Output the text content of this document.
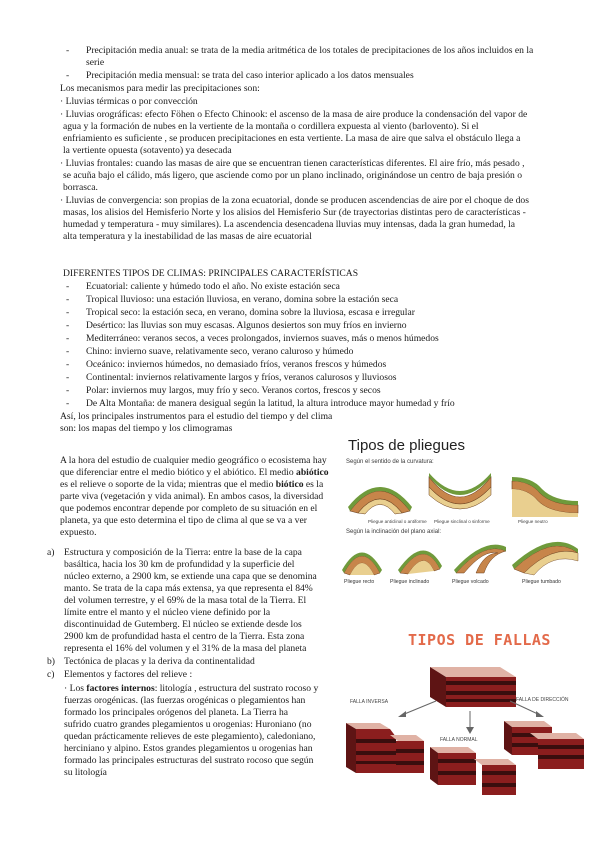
- Precipitación media anual: se trata de la media aritmética de los totales de precipitaciones de los años incluidos en la
serie
- Precipitación media mensual: se trata del caso interior aplicado a los datos mensuales
Los mecanismos para medir las precipitaciones son:
· Lluvias térmicas o por convección
· Lluvias orográficas: efecto Föhen o Efecto Chinook: el ascenso de la masa de aire produce la condensación del vapor de
agua y la formación de nubes en la vertiente de la montaña o cordillera expuesta al viento (barlovento). Si el
enfriamiento es suficiente , se producen precipitaciones en esta vertiente. La masa de aire que salva el obstáculo llega a
la vertiente opuesta (sotavento) ya desecada
· Lluvias frontales: cuando las masas de aire que se encuentran tienen características diferentes. El aire frío, más pesado ,
se acuña bajo el cálido, más ligero, que asciende como por un plano inclinado, originándose un centro de baja presión o
borrasca.
· Lluvias de convergencia: son propias de la zona ecuatorial, donde se producen ascendencias de aire por el choque de dos
masas, los alisios del Hemisferio Norte y los alisios del Hemisferio Sur (de trayectorias distintas pero de características -
humedad y temperatura - muy similares). La ascendencia desencadena lluvias muy intensas, dada la gran humedad, la
alta temperatura y la inestabilidad de las masas de aire ecuatorial
DIFERENTES TIPOS DE CLIMAS: PRINCIPALES CARACTERÍSTICAS
- Ecuatorial: caliente y húmedo todo el año. No existe estación seca
- Tropical lluvioso: una estación lluviosa, en verano, domina sobre la estación seca
- Tropical seco: la estación seca, en verano, domina sobre la lluviosa, escasa e irregular
- Desértico: las lluvias son muy escasas. Algunos desiertos son muy fríos en invierno
- Mediterráneo: veranos secos, a veces prolongados, inviernos suaves, más o menos húmedos
- Chino: invierno suave, relativamente seco, verano caluroso y húmedo
- Oceánico: inviernos húmedos, no demasiado fríos, veranos frescos y húmedos
- Continental: inviernos relativamente largos y fríos, veranos calurosos y lluviosos
- Polar: inviernos muy largos, muy frío y seco. Veranos cortos, frescos y secos
- De Alta Montaña: de manera desigual según la latitud, la altura introduce mayor humedad y frío
Así, los principales instrumentos para el estudio del tiempo y del clima
son: los mapas del tiempo y los climogramas
A la hora del estudio de cualquier medio geográfico o ecosistema hay
que diferenciar entre el medio biótico y el abiótico. El medio abiótico
es el relieve o soporte de la vida; mientras que el medio biótico es la
parte viva (vegetación y vida animal). En ambos casos, la diversidad
que podemos encontrar depende por completo de su situación en el
planeta, ya que esto determina el tipo de clima al que se va a ver
expuesto.
a) Estructura y composición de la Tierra: entre la base de la capa
basáltica, hacia los 30 km de profundidad y la superficie del
núcleo externo, a 2900 km, se extiende una capa que se denomina
manto. Se trata de la capa más extensa, ya que representa el 84%
del volumen terrestre, y el 69% de la masa total de la Tierra. El
límite entre el manto y el núcleo viene definido por la
discontinuidad de Gutemberg. El núcleo se extiende desde los
2900 km de profundidad hasta el centro de la Tierra. Esta zona
representa el 16% del volumen y el 31% de la masa del planeta
b) Tectónica de placas y la deriva da continentalidad
c) Elementos y factores del relieve :
· Los factores internos: litología , estructura del sustrato rocoso y
fuerzas orogénicas. (las fuerzas orogénicas o plegamientos han
formado los principales orógenos del planeta. La Tierra ha
sufrido cuatro grandes plegamientos u orogenias: Huroniano (no
quedan prácticamente relieves de este plegamiento), caledoniano,
herciniano y alpino. Estos grandes plegamientos u orogenias han
formado las principales estructuras del sustrato rocoso que según
su litología
Tipos de pliegues
Según el sentido de la curvatura:
Pliegue anticlinal o antiforme Pliegue sinclinal o sinforme	Pliegue neutro
Según la inclinación del plano axial:
Pliegue recto	Pliegue inclinado	Pliegue volcado	Pliegue tumbado
TIPOS DE FALLAS
FALLA INVERSA	FALLA DE DIRECCIÓN
FALLA NORMAL
